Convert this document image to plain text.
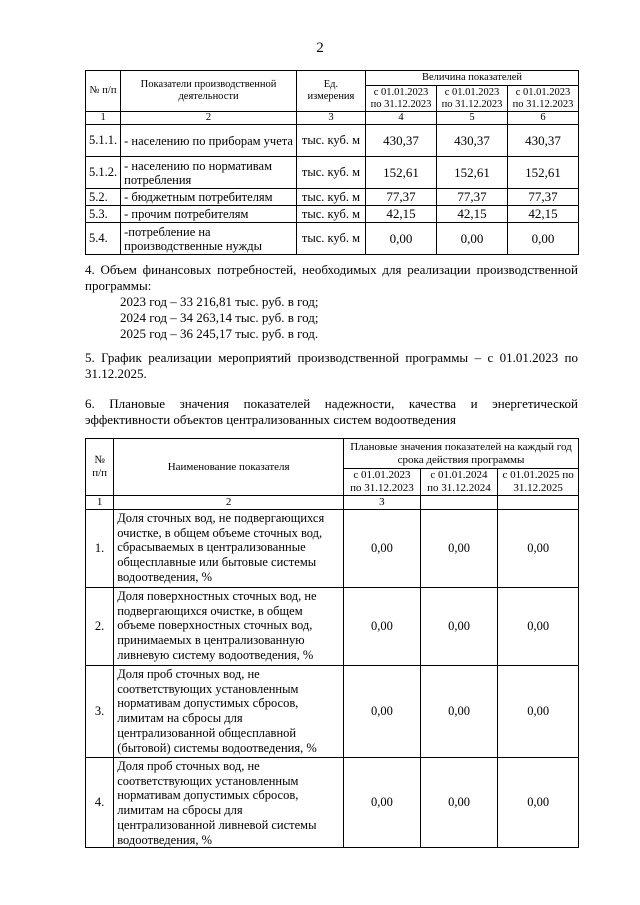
2
№ п/п	Показатели производственной деятельности	Ед. измерения	Величина показателей		
			с 01.01.2023 по 31.12.2023	с 01.01.2023 по 31.12.2023	с 01.01.2023 по 31.12.2023
1	2	3	4	5	6
5.1.1.	- населению по приборам учета	тыс. куб. м	430,37	430,37	430,37
5.1.2.	- населению по нормативам потребления	тыс. куб. м	152,61	152,61	152,61
5.2.	- бюджетным потребителям	тыс. куб. м	77,37	77,37	77,37
5.3.	- прочим потребителям	тыс. куб. м	42,15	42,15	42,15
5.4.	-потребление на производственные нужды	тыс. куб. м	0,00	0,00	0,00
4. Объем финансовых потребностей, необходимых для реализации производственной программы:
2023 год – 33 216,81 тыс. руб. в год;
2024 год – 34 263,14 тыс. руб. в год;
2025 год – 36 245,17 тыс. руб. в год.
5. График реализации мероприятий производственной программы – с 01.01.2023 по 31.12.2025.
6. Плановые значения показателей надежности, качества и энергетической эффективности объектов централизованных систем водоотведения
№ п/п	Наименование показателя	Плановые значения показателей на каждый год срока действия программы		
		с 01.01.2023 по 31.12.2023	с 01.01.2024 по 31.12.2024	с 01.01.2025 по 31.12.2025
1	2	3		
1.	Доля сточных вод, не подвергающихся очистке, в общем объеме сточных вод, сбрасываемых в централизованные общесплавные или бытовые системы водоотведения, %	0,00	0,00	0,00
2.	Доля поверхностных сточных вод, не подвергающихся очистке, в общем объеме поверхностных сточных вод, принимаемых в централизованную ливневую систему водоотведения, %	0,00	0,00	0,00
3.	Доля проб сточных вод, не соответствующих установленным нормативам допустимых сбросов, лимитам на сбросы для централизованной общесплавной (бытовой) системы водоотведения, %	0,00	0,00	0,00
4.	Доля проб сточных вод, не соответствующих установленным нормативам допустимых сбросов, лимитам на сбросы для централизованной ливневой системы водоотведения, %	0,00	0,00	0,00
